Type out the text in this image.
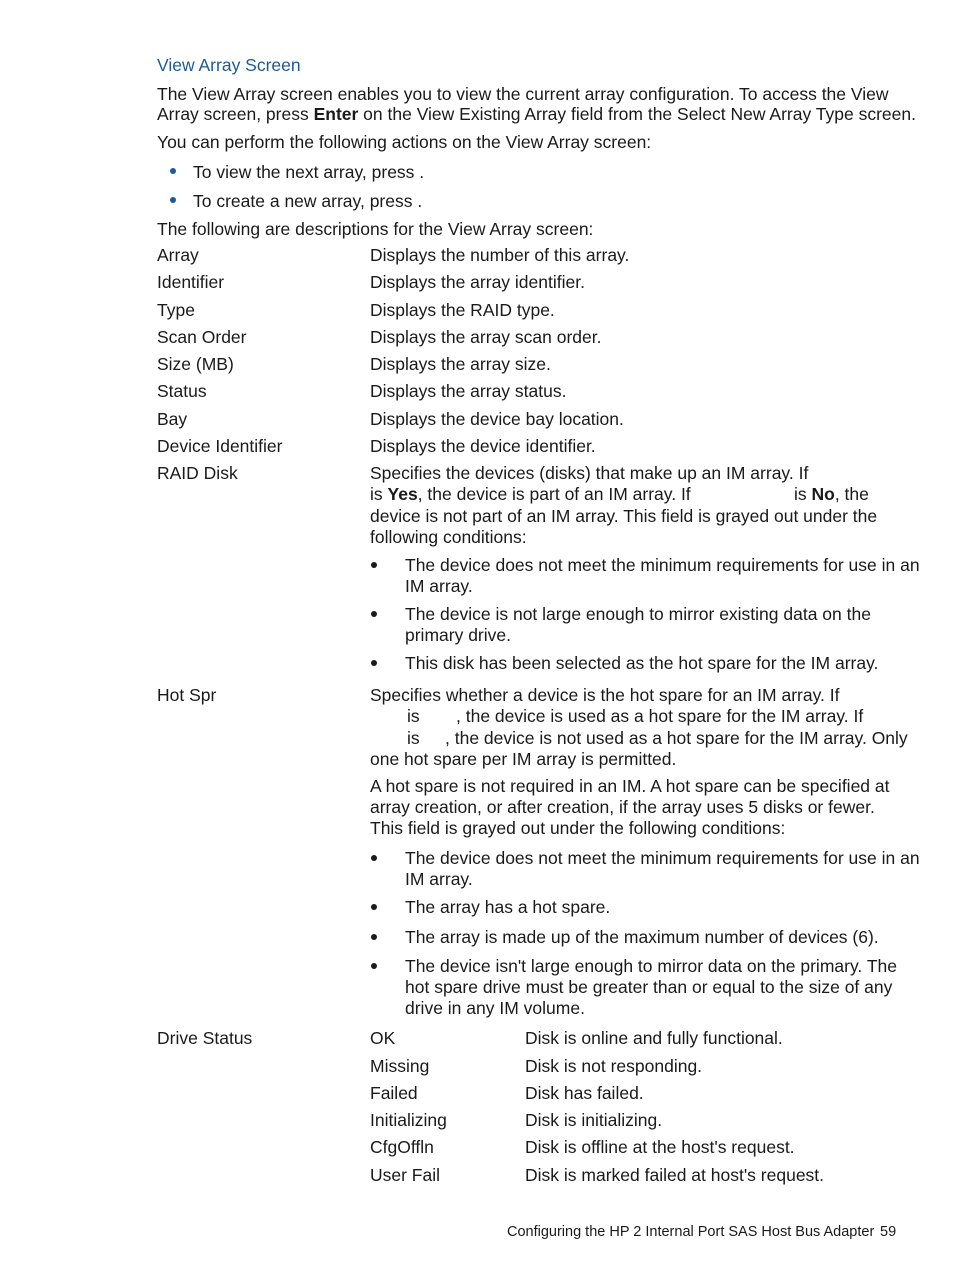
View Array Screen
The View Array screen enables you to view the current array configuration. To access the View
Array screen, press Enter on the View Existing Array field from the Select New Array Type screen.
You can perform the following actions on the View Array screen:
To view the next array, press .
To create a new array, press .
The following are descriptions for the View Array screen:
Array	Displays the number of this array.
Identifier	Displays the array identifier.
Type	Displays the RAID type.
Scan Order	Displays the array scan order.
Size (MB)	Displays the array size.
Status	Displays the array status.
Bay	Displays the device bay location.
Device Identifier	Displays the device identifier.
RAID Disk	Specifies the devices (disks) that make up an IM array. If
is Yes, the device is part of an IM array. If	is No, the
device is not part of an IM array. This field is grayed out under the
following conditions:
The device does not meet the minimum requirements for use in an
IM array.
The device is not large enough to mirror existing data on the
primary drive.
This disk has been selected as the hot spare for the IM array.
Hot Spr	Specifies whether a device is the hot spare for an IM array. If
is , the device is used as a hot spare for the IM array. If
is , the device is not used as a hot spare for the IM array. Only
one hot spare per IM array is permitted.
A hot spare is not required in an IM. A hot spare can be specified at
array creation, or after creation, if the array uses 5 disks or fewer.
This field is grayed out under the following conditions:
The device does not meet the minimum requirements for use in an
IM array.
The array has a hot spare.
The array is made up of the maximum number of devices (6).
The device isn't large enough to mirror data on the primary. The
hot spare drive must be greater than or equal to the size of any
drive in any IM volume.
Drive Status	OK	Disk is online and fully functional.
Missing	Disk is not responding.
Failed	Disk has failed.
Initializing	Disk is initializing.
CfgOffln	Disk is offline at the host's request.
User Fail	Disk is marked failed at host's request.
Configuring the HP 2 Internal Port SAS Host Bus Adapter 59
